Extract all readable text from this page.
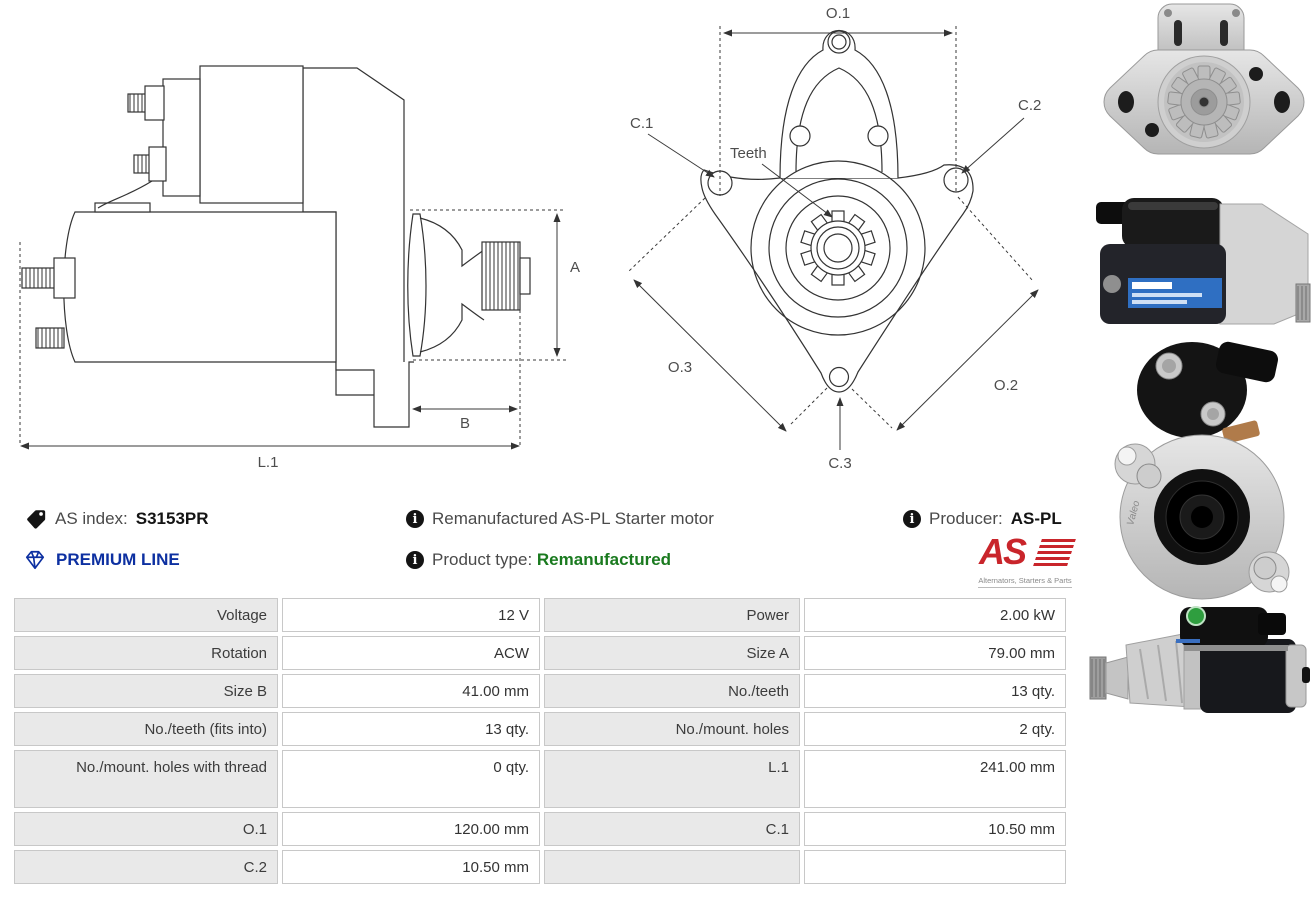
A
B
L.1
O.1
C.1
C.2
Teeth
O.3
O.2
C.3
Valeo
AS index: S3153PR
PREMIUM LINE
i Remanufactured AS-PL Starter motor
i Product type: Remanufactured
i Producer: AS-PL
AS
Alternators, Starters & Parts
Voltage	12 V	Power	2.00 kW
Rotation	ACW	Size A	79.00 mm
Size B	41.00 mm	No./teeth	13 qty.
No./teeth (fits into)	13 qty.	No./mount. holes	2 qty.
No./mount. holes with thread	0 qty.	L.1	241.00 mm
O.1	120.00 mm	C.1	10.50 mm
C.2	10.50 mm		
